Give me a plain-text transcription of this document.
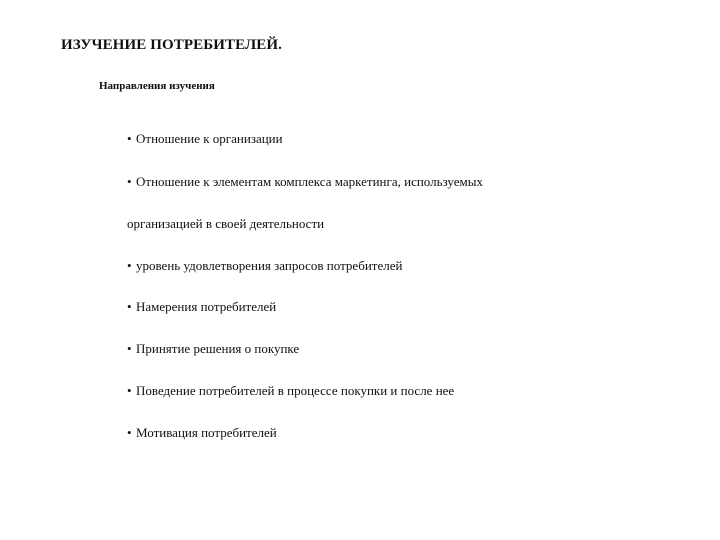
ИЗУЧЕНИЕ ПОТРЕБИТЕЛЕЙ.
Направления изучения
• Отношение к организации
• Отношение к элементам комплекса маркетинга, используемых
организацией в своей деятельности
• уровень удовлетворения запросов потребителей
• Намерения потребителей
• Принятие решения о покупке
• Поведение потребителей в процессе покупки и после нее
• Мотивация потребителей
